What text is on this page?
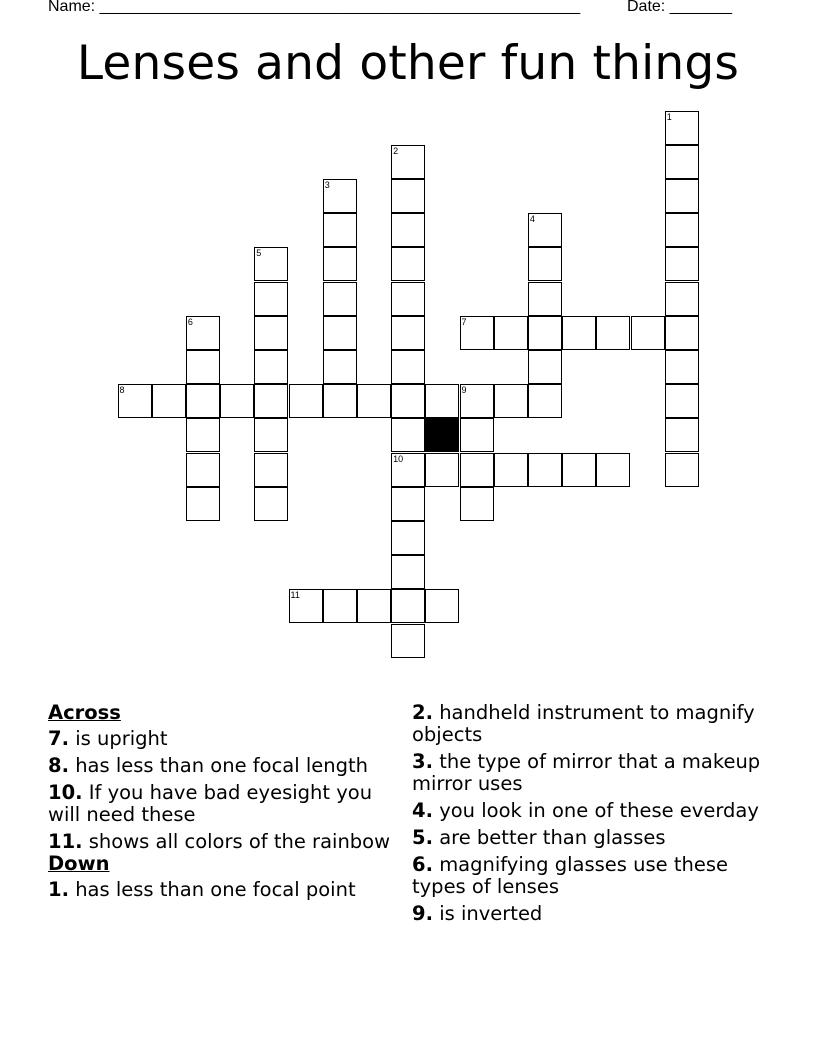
Name: ______________________________________________________	Date: _______
Lenses and other fun things
1
2
10
3
4
5
6	7
8	9
11
Across
7. is upright
8. has less than one focal length
10. If you have bad eyesight you will need these
11. shows all colors of the rainbow
Down
1. has less than one focal point
2. handheld instrument to magnify objects
3. the type of mirror that a makeup mirror uses
4. you look in one of these everday
5. are better than glasses
6. magnifying glasses use these types of lenses
9. is inverted
